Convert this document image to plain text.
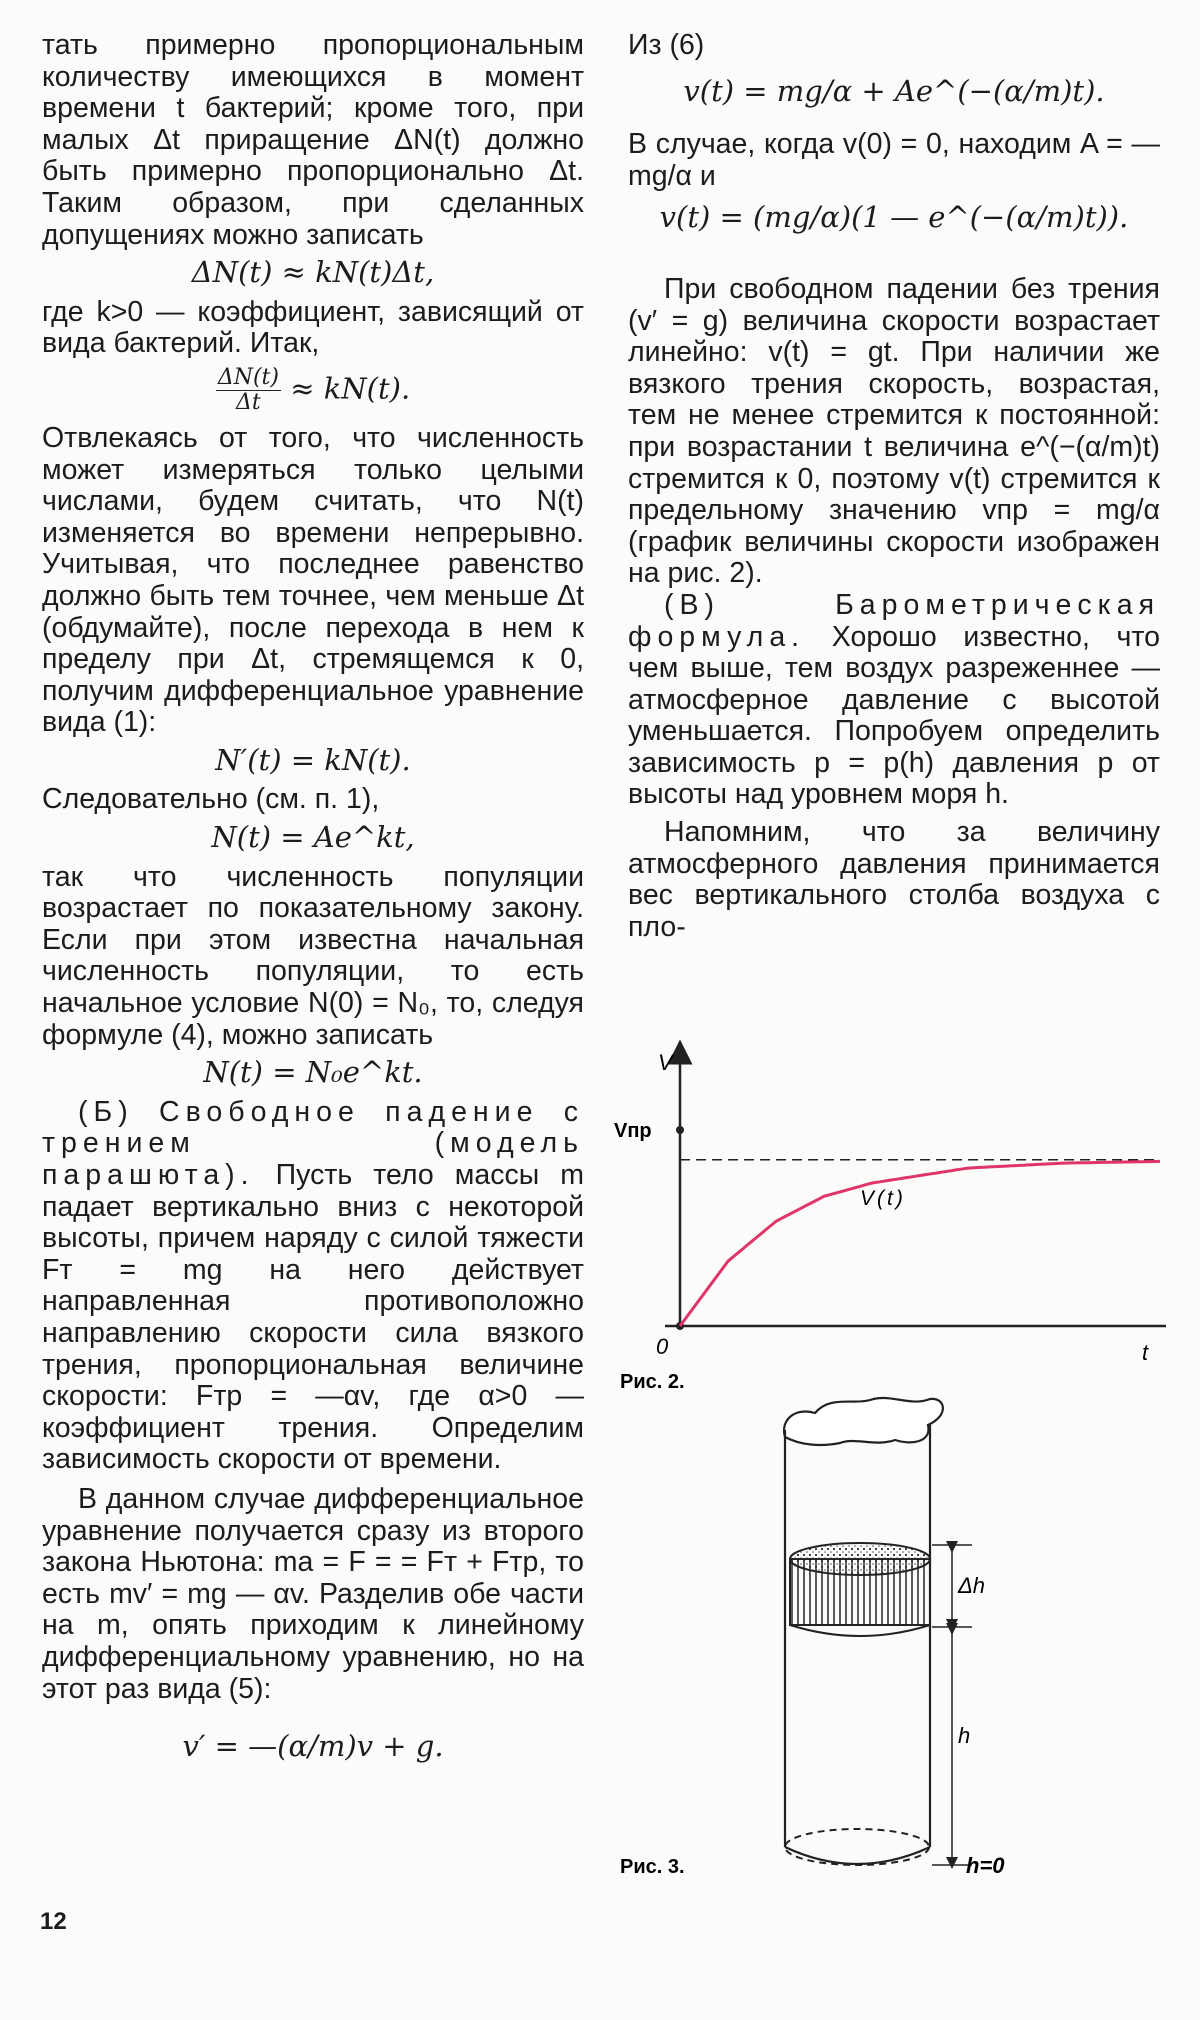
тать примерно пропорциональным количеству имеющихся в момент времени t бактерий; кроме того, при малых Δt приращение ΔN(t) должно быть примерно пропорционально Δt. Таким образом, при сделанных допущениях можно записать

ΔN(t) ≈ kN(t)Δt,

где k>0 — коэффициент, зависящий от вида бактерий. Итак,

$\frac{\Delta N(t)}{\Delta t} \approx kN(t)$.

Отвлекаясь от того, что численность может измеряться только целыми числами, будем считать, что N(t) изменяется во времени непрерывно. Учитывая, что последнее равенство должно быть тем точнее, чем меньше Δt (обдумайте), после перехода в нем к пределу при Δt, стремящемся к 0, получим дифференциальное уравнение вида (1):

N′(t) = kN(t).

Следовательно (см. п. 1),

N(t) = Ae^kt,

так что численность популяции возрастает по показательному закону. Если при этом известна начальная численность популяции, то есть начальное условие N(0) = N₀, то, следуя формуле (4), можно записать

N(t) = N₀e^kt.

(Б) Свободное падение с трением (модель парашюта). Пусть тело массы m падает вертикально вниз с некоторой высоты, причем наряду с силой тяжести Fт = mg на него действует направленная противоположно направлению скорости сила вязкого трения, пропорциональная величине скорости: Fтр = —αv, где α>0 — коэффициент трения. Определим зависимость скорости от времени.

В данном случае дифференциальное уравнение получается сразу из второго закона Ньютона: ma = F = = Fт + Fтр, то есть mv′ = mg — αv. Разделив обе части на m, опять приходим к линейному дифференциальному уравнению, но на этот раз вида (5):

v′ = —(α/m)v + g.

Из (6)

v(t) = mg/α + Ae^(−(α/m)t).

В случае, когда v(0) = 0, находим A = —mg/α и

v(t) = (mg/α)(1 — e^(−(α/m)t)).

При свободном падении без трения (v′ = g) величина скорости возрастает линейно: v(t) = gt. При наличии же вязкого трения скорость, возрастая, тем не менее стремится к постоянной: при возрастании t величина e^(−(α/m)t) стремится к 0, поэтому v(t) стремится к предельному значению vпр = mg/α (график величины скорости изображен на рис. 2).

(В) Барометрическая формула. Хорошо известно, что чем выше, тем воздух разреженнее — атмосферное давление с высотой уменьшается. Попробуем определить зависимость p = p(h) давления p от высоты над уровнем моря h.

Напомним, что за величину атмосферного давления принимается вес вертикального столба воздуха с пло-

V
t
0
Vпр
V(t)
Рис. 2.
Δh
h
h=0
Рис. 3.
12
